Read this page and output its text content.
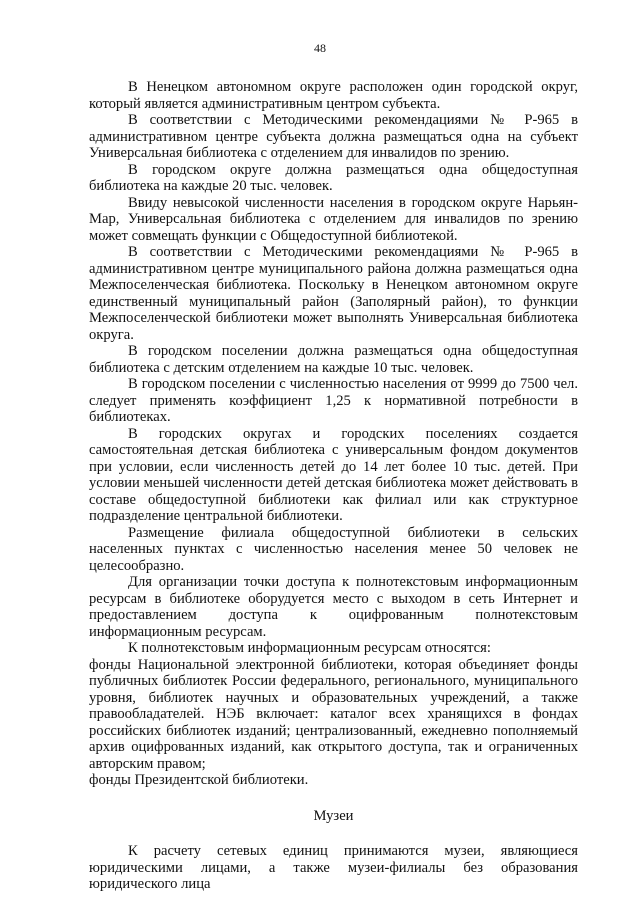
48

В Ненецком автономном округе расположен один городской округ, который является административным центром субъекта.

В соответствии с Методическими рекомендациями № Р-965 в административном центре субъекта должна размещаться одна на субъект Универсальная библиотека с отделением для инвалидов по зрению.

В городском округе должна размещаться одна общедоступная библиотека на каждые 20 тыс. человек.

Ввиду невысокой численности населения в городском округе Нарьян-Мар, Универсальная библиотека с отделением для инвалидов по зрению может совмещать функции с Общедоступной библиотекой.

В соответствии с Методическими рекомендациями № Р-965 в административном центре муниципального района должна размещаться одна Межпоселенческая библиотека. Поскольку в Ненецком автономном округе единственный муниципальный район (Заполярный район), то функции Межпоселенческой библиотеки может выполнять Универсальная библиотека округа.

В городском поселении должна размещаться одна общедоступная библиотека с детским отделением на каждые 10 тыс. человек.

В городском поселении с численностью населения от 9999 до 7500 чел. следует применять коэффициент 1,25 к нормативной потребности в библиотеках.

В городских округах и городских поселениях создается самостоятельная детская библиотека с универсальным фондом документов при условии, если численность детей до 14 лет более 10 тыс. детей. При условии меньшей численности детей детская библиотека может действовать в составе общедоступной библиотеки как филиал или как структурное подразделение центральной библиотеки.

Размещение филиала общедоступной библиотеки в сельских населенных пунктах с численностью населения менее 50 человек не целесообразно.

Для организации точки доступа к полнотекстовым информационным ресурсам в библиотеке оборудуется место с выходом в сеть Интернет и предоставлением доступа к оцифрованным полнотекстовым информационным ресурсам.

К полнотекстовым информационным ресурсам относятся:

фонды Национальной электронной библиотеки, которая объединяет фонды публичных библиотек России федерального, регионального, муниципального уровня, библиотек научных и образовательных учреждений, а также правообладателей. НЭБ включает: каталог всех хранящихся в фондах российских библиотек изданий; централизованный, ежедневно пополняемый архив оцифрованных изданий, как открытого доступа, так и ограниченных авторским правом;

фонды Президентской библиотеки.

Музеи

К расчету сетевых единиц принимаются музеи, являющиеся юридическими лицами, а также музеи-филиалы без образования юридического лица
